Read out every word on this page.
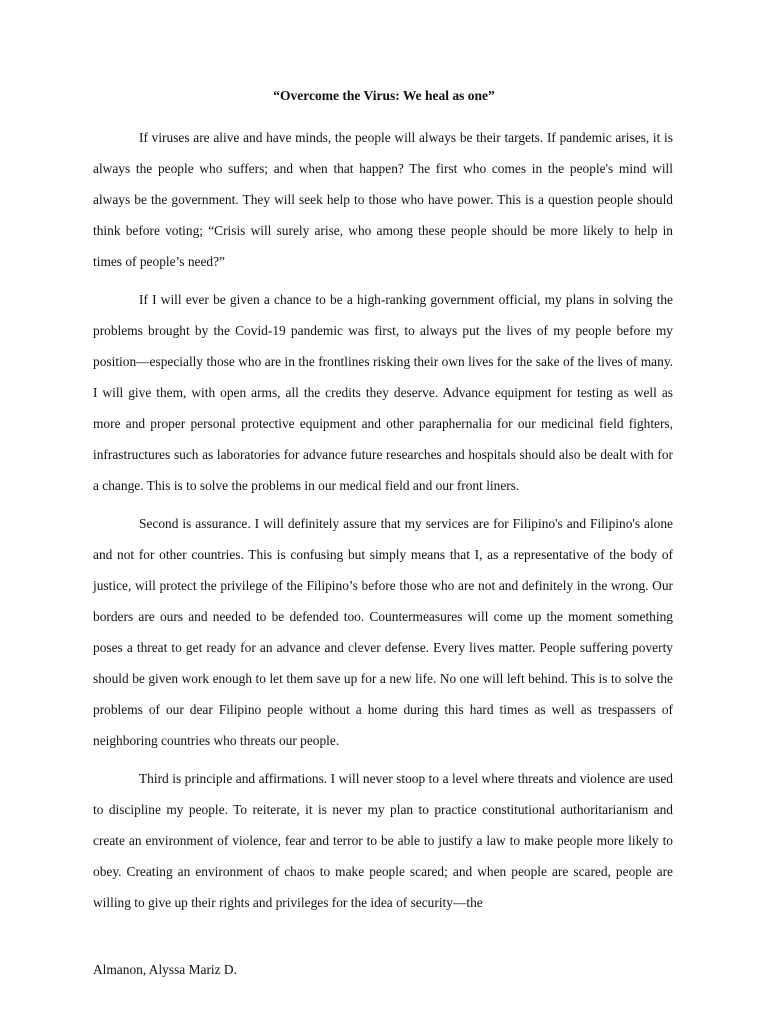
“Overcome the Virus: We heal as one”

If viruses are alive and have minds, the people will always be their targets. If pandemic arises, it is always the people who suffers; and when that happen? The first who comes in the people's mind will always be the government. They will seek help to those who have power. This is a question people should think before voting; “Crisis will surely arise, who among these people should be more likely to help in times of people’s need?”

If I will ever be given a chance to be a high-ranking government official, my plans in solving the problems brought by the Covid-19 pandemic was first, to always put the lives of my people before my position—especially those who are in the frontlines risking their own lives for the sake of the lives of many. I will give them, with open arms, all the credits they deserve. Advance equipment for testing as well as more and proper personal protective equipment and other paraphernalia for our medicinal field fighters, infrastructures such as laboratories for advance future researches and hospitals should also be dealt with for a change. This is to solve the problems in our medical field and our front liners.

Second is assurance. I will definitely assure that my services are for Filipino's and Filipino's alone and not for other countries. This is confusing but simply means that I, as a representative of the body of justice, will protect the privilege of the Filipino’s before those who are not and definitely in the wrong. Our borders are ours and needed to be defended too. Countermeasures will come up the moment something poses a threat to get ready for an advance and clever defense. Every lives matter. People suffering poverty should be given work enough to let them save up for a new life. No one will left behind. This is to solve the problems of our dear Filipino people without a home during this hard times as well as trespassers of neighboring countries who threats our people.

Third is principle and affirmations. I will never stoop to a level where threats and violence are used to discipline my people. To reiterate, it is never my plan to practice constitutional authoritarianism and create an environment of violence, fear and terror to be able to justify a law to make people more likely to obey. Creating an environment of chaos to make people scared; and when people are scared, people are willing to give up their rights and privileges for the idea of security—the

Almanon, Alyssa Mariz D.
